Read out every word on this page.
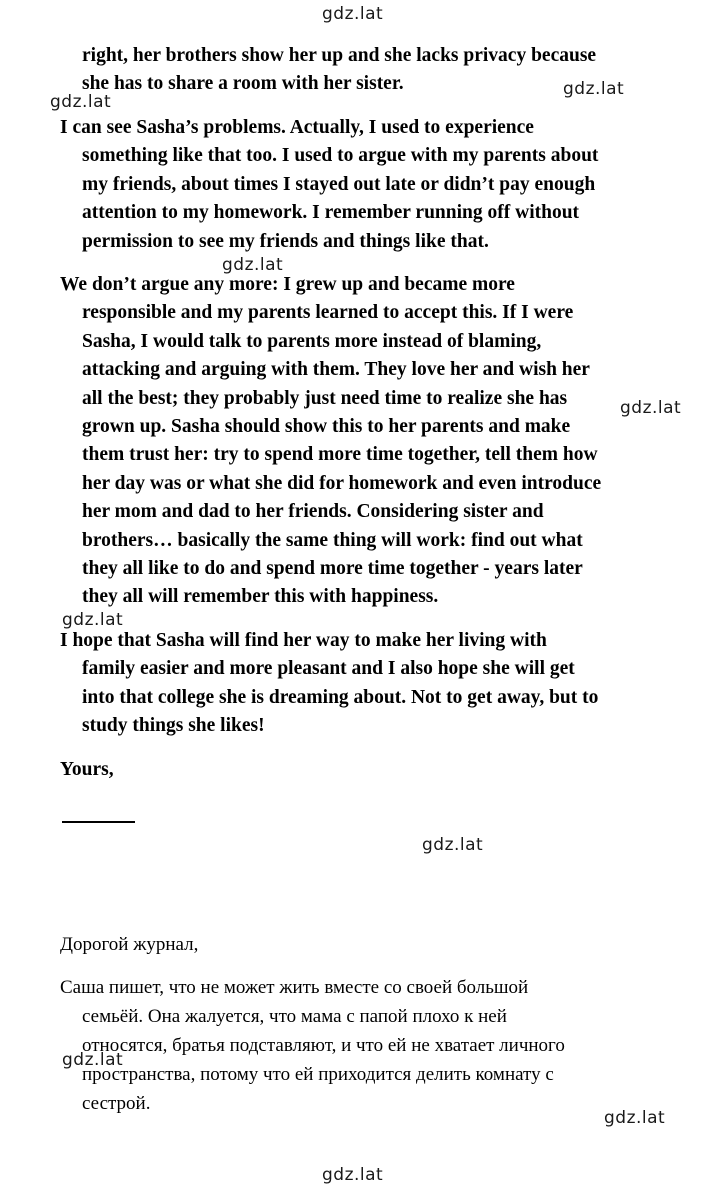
gdz.lat
gdz.lat
gdz.lat
gdz.lat
gdz.lat
gdz.lat
gdz.lat
gdz.lat
gdz.lat
gdz.lat
right, her brothers show her up and she lacks privacy because
she has to share a room with her sister.
I can see Sasha’s problems. Actually, I used to experience
something like that too. I used to argue with my parents about
my friends, about times I stayed out late or didn’t pay enough
attention to my homework. I remember running off without
permission to see my friends and things like that.
We don’t argue any more: I grew up and became more
responsible and my parents learned to accept this. If I were
Sasha, I would talk to parents more instead of blaming,
attacking and arguing with them. They love her and wish her
all the best; they probably just need time to realize she has
grown up. Sasha should show this to her parents and make
them trust her: try to spend more time together, tell them how
her day was or what she did for homework and even introduce
her mom and dad to her friends. Considering sister and
brothers… basically the same thing will work: find out what
they all like to do and spend more time together - years later
they all will remember this with happiness.
I hope that Sasha will find her way to make her living with
family easier and more pleasant and I also hope she will get
into that college she is dreaming about. Not to get away, but to
study things she likes!
Yours,
Дорогой журнал,
Саша пишет, что не может жить вместе со своей большой
семьёй. Она жалуется, что мама с папой плохо к ней
относятся, братья подставляют, и что ей не хватает личного
пространства, потому что ей приходится делить комнату с
сестрой.
